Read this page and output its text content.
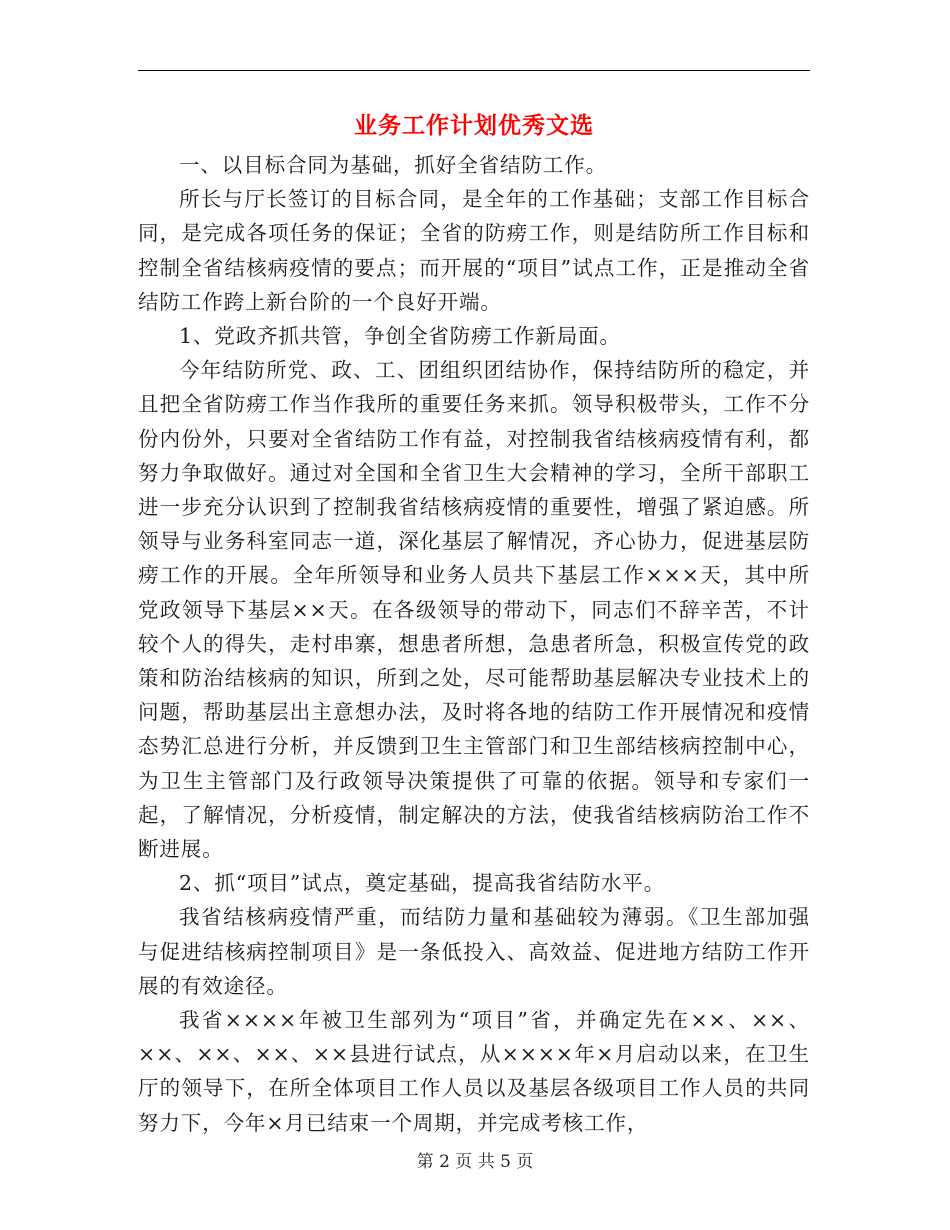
业务工作计划优秀文选

一、以目标合同为基础，抓好全省结防工作。

所长与厅长签订的目标合同，是全年的工作基础；支部工作目标合同，是完成各项任务的保证；全省的防痨工作，则是结防所工作目标和控制全省结核病疫情的要点；而开展的“项目”试点工作，正是推动全省结防工作跨上新台阶的一个良好开端。

1、党政齐抓共管，争创全省防痨工作新局面。

今年结防所党、政、工、团组织团结协作，保持结防所的稳定，并且把全省防痨工作当作我所的重要任务来抓。领导积极带头，工作不分份内份外，只要对全省结防工作有益，对控制我省结核病疫情有利，都努力争取做好。通过对全国和全省卫生大会精神的学习，全所干部职工进一步充分认识到了控制我省结核病疫情的重要性，增强了紧迫感。所领导与业务科室同志一道，深化基层了解情况，齐心协力，促进基层防痨工作的开展。全年所领导和业务人员共下基层工作×××天，其中所党政领导下基层××天。在各级领导的带动下，同志们不辞辛苦，不计较个人的得失，走村串寨，想患者所想，急患者所急，积极宣传党的政策和防治结核病的知识，所到之处，尽可能帮助基层解决专业技术上的问题，帮助基层出主意想办法，及时将各地的结防工作开展情况和疫情态势汇总进行分析，并反馈到卫生主管部门和卫生部结核病控制中心，为卫生主管部门及行政领导决策提供了可靠的依据。领导和专家们一起，了解情况，分析疫情，制定解决的方法，使我省结核病防治工作不断进展。

2、抓“项目”试点，奠定基础，提高我省结防水平。

我省结核病疫情严重，而结防力量和基础较为薄弱。《卫生部加强与促进结核病控制项目》是一条低投入、高效益、促进地方结防工作开展的有效途径。

我省××××年被卫生部列为“项目”省，并确定先在××、××、××、××、××、××县进行试点，从××××年×月启动以来，在卫生厅的领导下，在所全体项目工作人员以及基层各级项目工作人员的共同努力下，今年×月已结束一个周期，并完成考核工作，

第 2 页 共 5 页
